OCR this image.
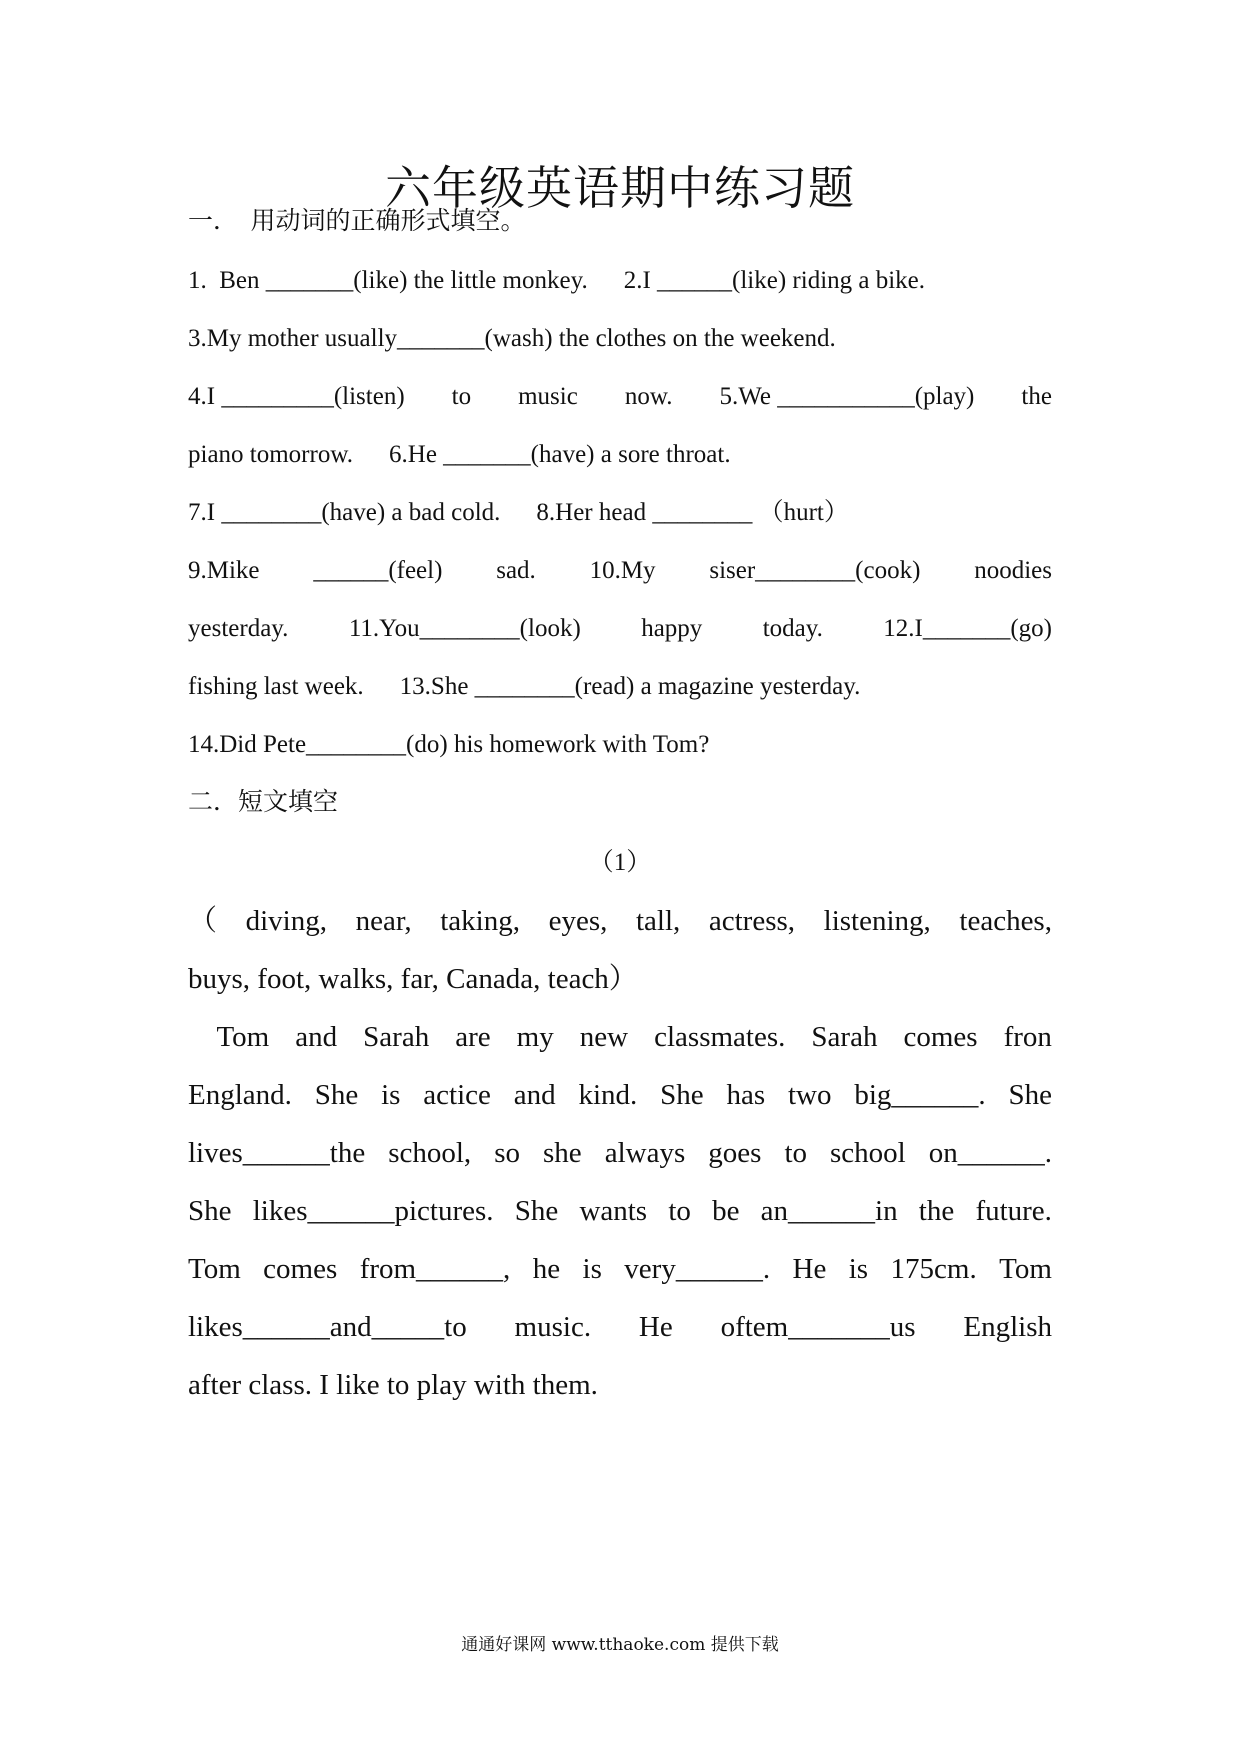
六年级英语期中练习题
一．　用动词的正确形式填空。
1.  Ben _______(like) the little monkey. 2.I ______(like) riding a bike.
3.My mother usually_______(wash) the clothes on the weekend.
4.I _________(listen) to music now. 5.We ___________(play) the
piano tomorrow. 6.He _______(have) a sore throat.
7.I ________(have) a bad cold. 8.Her head ________ （hurt）
9.Mike ______(feel) sad. 10.My siser________(cook) noodies
yesterday. 11.You________(look) happy today. 12.I_______(go)
fishing last week. 13.She ________(read) a magazine yesterday.
14.Did Pete________(do) his homework with Tom?
二．短文填空
（1）
（ diving, near, taking, eyes, tall, actress, listening, teaches,
buys, foot, walks, far, Canada, teach）
Tom and Sarah are my new classmates. Sarah comes fron
England. She is actice and kind. She has two big______. She
lives______the school, so she always goes to school on______.
She likes______pictures. She wants to be an______in the future.
Tom comes from______, he is very______. He is 175cm. Tom
likes______and_____to music. He oftem_______us English
after class. I like to play with them.
通通好课网 www.tthaoke.com 提供下载
